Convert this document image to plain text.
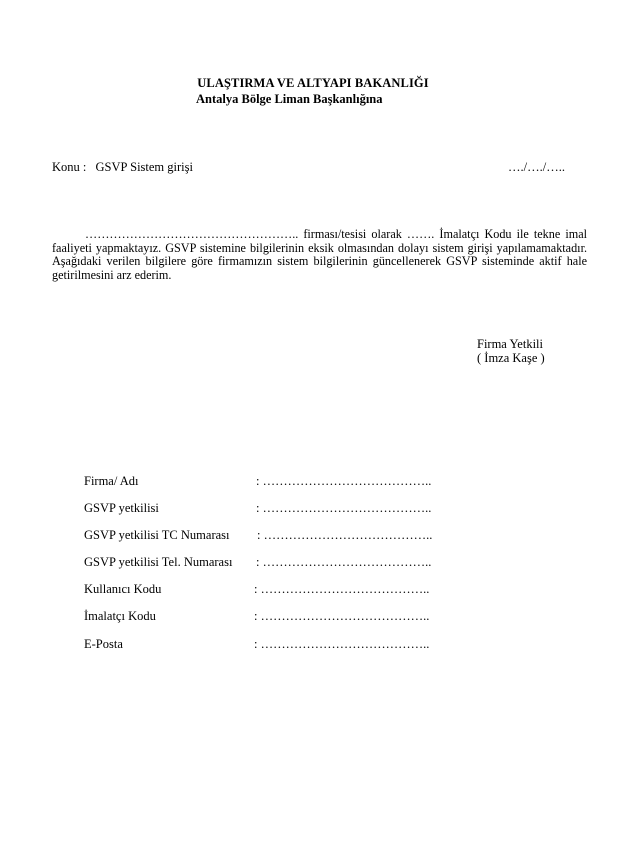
ULAŞTIRMA VE ALTYAPI BAKANLIĞI
Antalya Bölge Liman Başkanlığına
Konu : GSVP Sistem girişi	…./…./…..
…………………………………………….. firması/tesisi olarak ……. İmalatçı Kodu ile tekne imal faaliyeti yapmaktayız. GSVP sistemine bilgilerinin eksik olmasından dolayı sistem girişi yapılamamaktadır. Aşağıdaki verilen bilgilere göre firmamızın sistem bilgilerinin güncellenerek GSVP sisteminde aktif hale getirilmesini arz ederim.
Firma Yetkili
( İmza Kaşe )
Firma/ Adı	: …………………………………..
GSVP yetkilisi	: …………………………………..
GSVP yetkilisi TC Numarası : …………………………………..
GSVP yetkilisi Tel. Numarası : …………………………………..
Kullanıcı Kodu	: …………………………………..
İmalatçı Kodu	: …………………………………..
E-Posta	: …………………………………..
